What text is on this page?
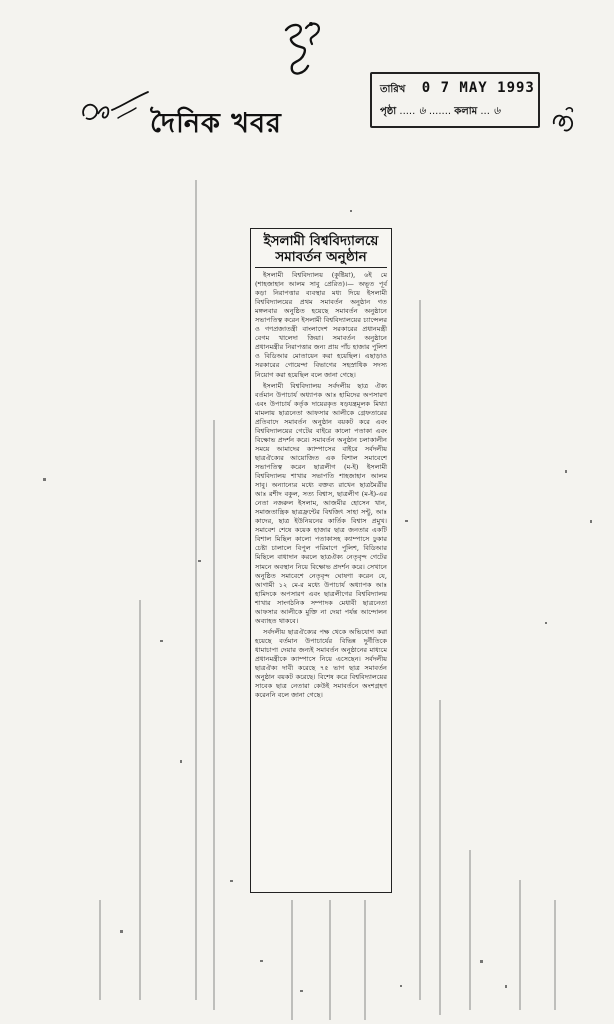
দৈনিক খবর
তারিখ 0 7 MAY 1993
পৃষ্ঠা ..... ৬ ....... কলাম ... ৬
ইসলামী বিশ্ববিদ্যালয়ে
সমাবর্তন অনুষ্ঠান

ইসলামী বিশ্ববিদ্যালয় (কুষ্টিয়া), ৬ই মে (শাহজাহান আলম সাবু প্রেরিত)।— অভূত পূর্ব কড়া নিরাপত্তার ব্যবস্থার মধ্য দিয়ে ইসলামী বিশ্ববিদ্যালয়ের প্রথম সমাবর্তন অনুষ্ঠান গত মঙ্গলবার অনুষ্ঠিত হয়েছে সমাবর্তন অনুষ্ঠানে সভাপতিত্ব করেন ইসলামী বিশ্ববিদ্যালয়ের চ্যান্সেলর ও গণপ্রজাতন্ত্রী বাংলাদেশ সরকারের প্রধানমন্ত্রী বেগম খালেদা জিয়া। সমাবর্তন অনুষ্ঠানে প্রধানমন্ত্রীর নিরাপত্তার জন্য প্রায় পাঁচ হাজার পুলিশ ও বিডিআর মোতায়েন করা হয়েছিল। এছাড়াও সরকারের গোয়েন্দা বিভাগের সহস্রাধিক সদস্য নিয়োগ করা হয়েছিল বলে জানা গেছে।

ইসলামী বিশ্ববিদ্যালয় সর্বদলীয় ছাত্র ঐক্য বর্তমান উপাচার্য অধ্যাপক আঃ হামিদের অপসারণ এবং উপাচার্য কর্তৃক দায়েরকৃত ষড়যন্ত্রমূলক মিথ্যা মামলায় ছাত্রনেতা আফসার আলীকে গ্রেফতারের প্রতিবাদে সমাবর্তন অনুষ্ঠান বয়কট করে এবং বিশ্ববিদ্যালয়ের গেটের বাইরে কালো পতাকা এবং বিক্ষোভ প্রদর্শন করে। সমাবর্তন অনুষ্ঠান চলাকালীন সময়ে আমাদের ক্যাম্পাসের বাইরে সর্বদলীয় ছাত্রঐক্যের আয়োজিত এক বিশাল সমাবেশে সভাপতিত্ব করেন ছাত্রলীগ (ম-ই) ইসলামী বিশ্ববিদ্যালয় শাখার সভাপতি শাহজাহান আলম সাবু। অন্যান্যের মধ্যে বক্তব্য রাখেন ছাত্রমৈত্রীর আঃ রশীদ বকুল, সত্য বিশ্বাস, ছাত্রলীগ (ম-ই)-এর নেতা নজরুল ইসলাম, আজমীর হোসেন খান, সমাজতান্ত্রিক ছাত্রফ্রন্টের বিশ্বজিৎ সাহা সন্টু, আঃ কাদের, ছাত্র ইউনিয়নের কার্তিক বিশ্বাস প্রমুখ। সমাবেশ শেষে কয়েক হাজার ছাত্র জনতার একটি বিশাল মিছিল কালো পতাকাসহ ক্যাম্পাসে ঢুকার চেষ্টা চালালে বিপুল পরিমাণে পুলিশ, বিডিআর মিছিলে বাধাদান করলে ছাত্রঐক্য নেতৃবৃন্দ গেটের সামনে অবস্থান নিয়ে বিক্ষোভ প্রদর্শন করে। সেখানে অনুষ্ঠিত সমাবেশে নেতৃবৃন্দ ঘোষণা করেন যে, আগামী ১২ মে-র মধ্যে উপাচার্য অধ্যাপক আঃ হামিদকে অপসারণ এবং ছাত্রলীগের বিশ্ববিদ্যালয় শাখার সাংগঠনিক সম্পাদক মেধাবী ছাত্রনেতা আফসার আলীকে মুক্তি না দেয়া পর্যন্ত আন্দোলন অব্যাহত থাকবে।

সর্বদলীয় ছাত্রঐক্যের পক্ষ থেকে অভিযোগ করা হয়েছে বর্তমান উপাচার্যের বিভিন্ন দুর্নীতিকে ধামাচাপা দেয়ার জন্যই সমাবর্তন অনুষ্ঠানের মাধ্যমে প্রধানমন্ত্রীকে ক্যাম্পাসে নিয়ে এসেছেন। সর্বদলীয় ছাত্রঐক্য দাবী করেছে ৭৫ ভাগ ছাত্র সমাবর্তন অনুষ্ঠান বয়কট করেছে। বিশেষ করে বিশ্ববিদ্যালয়ের সাবেক ছাত্র নেতারা কেউই সমাবর্তনে অংশগ্রহণ করেননি বলে জানা গেছে।
